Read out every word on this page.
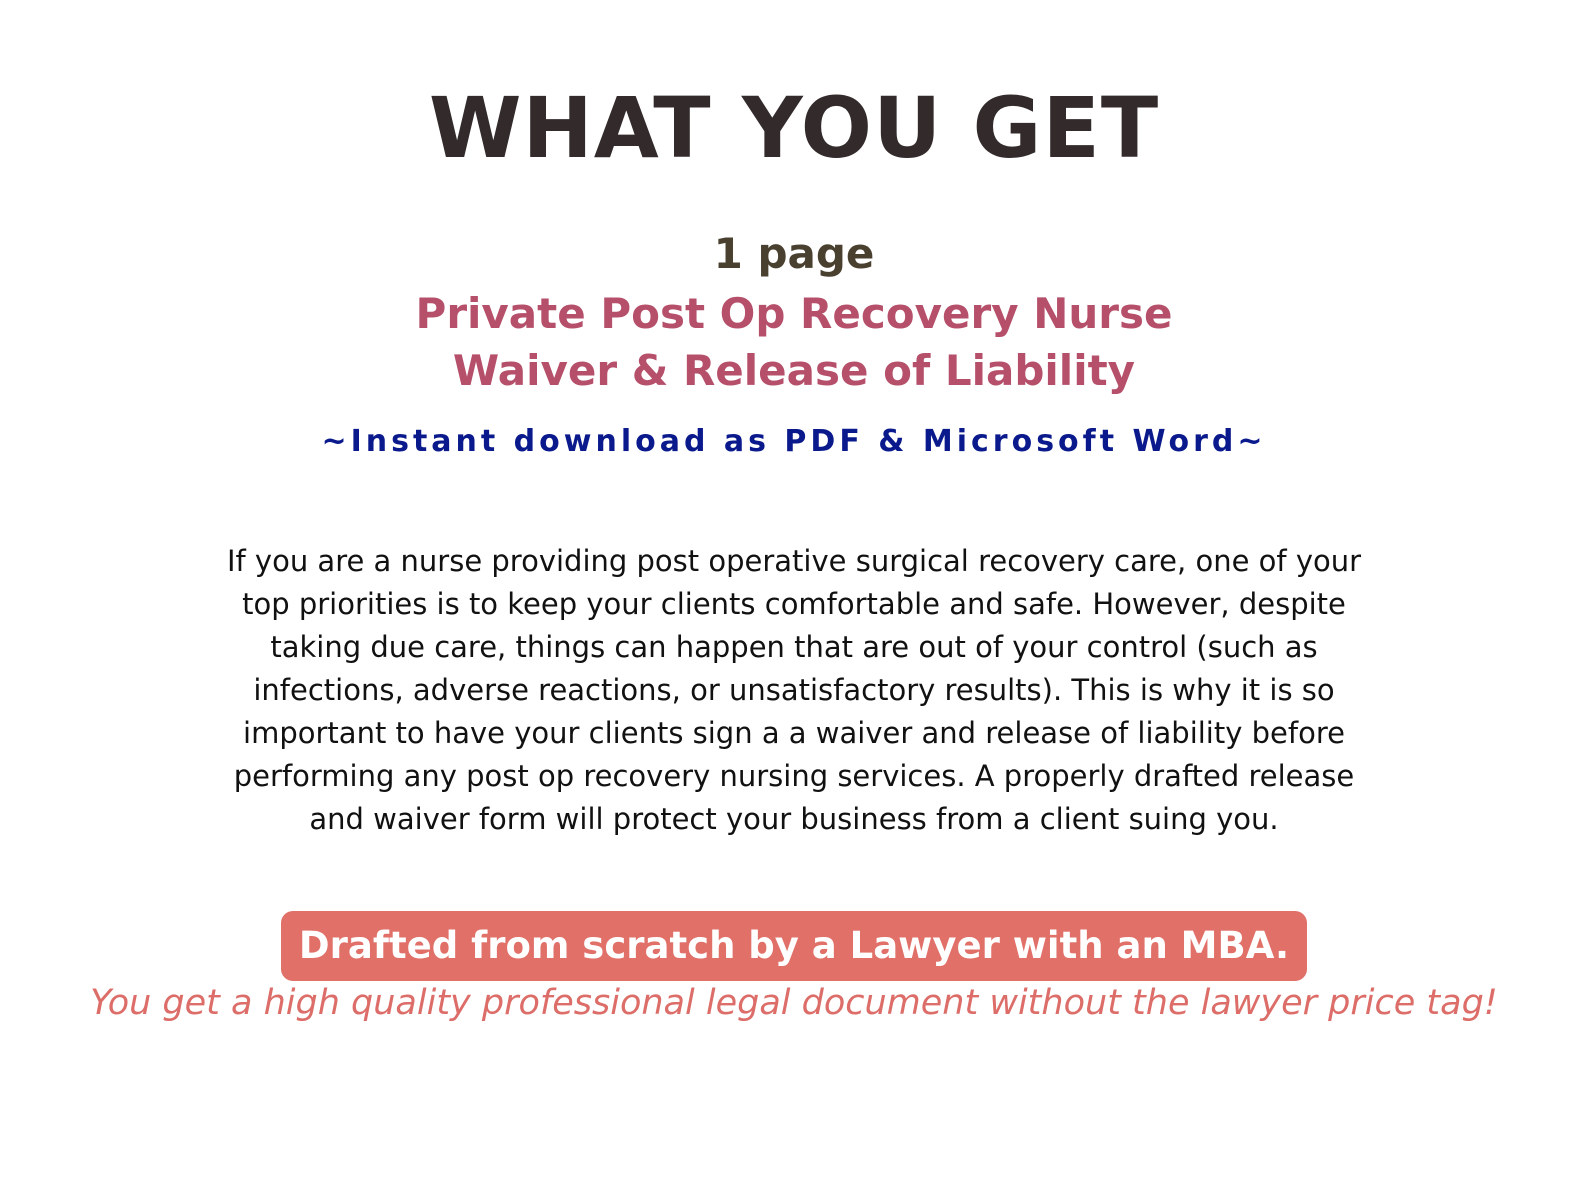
WHAT YOU GET
1 page
Private Post Op Recovery Nurse
Waiver & Release of Liability
~Instant download as PDF & Microsoft Word~
If you are a nurse providing post operative surgical recovery care, one of your
top priorities is to keep your clients comfortable and safe. However, despite
taking due care, things can happen that are out of your control (such as
infections, adverse reactions, or unsatisfactory results). This is why it is so
important to have your clients sign a a waiver and release of liability before
performing any post op recovery nursing services. A properly drafted release
and waiver form will protect your business from a client suing you.
Drafted from scratch by a Lawyer with an MBA.
You get a high quality professional legal document without the lawyer price tag!
